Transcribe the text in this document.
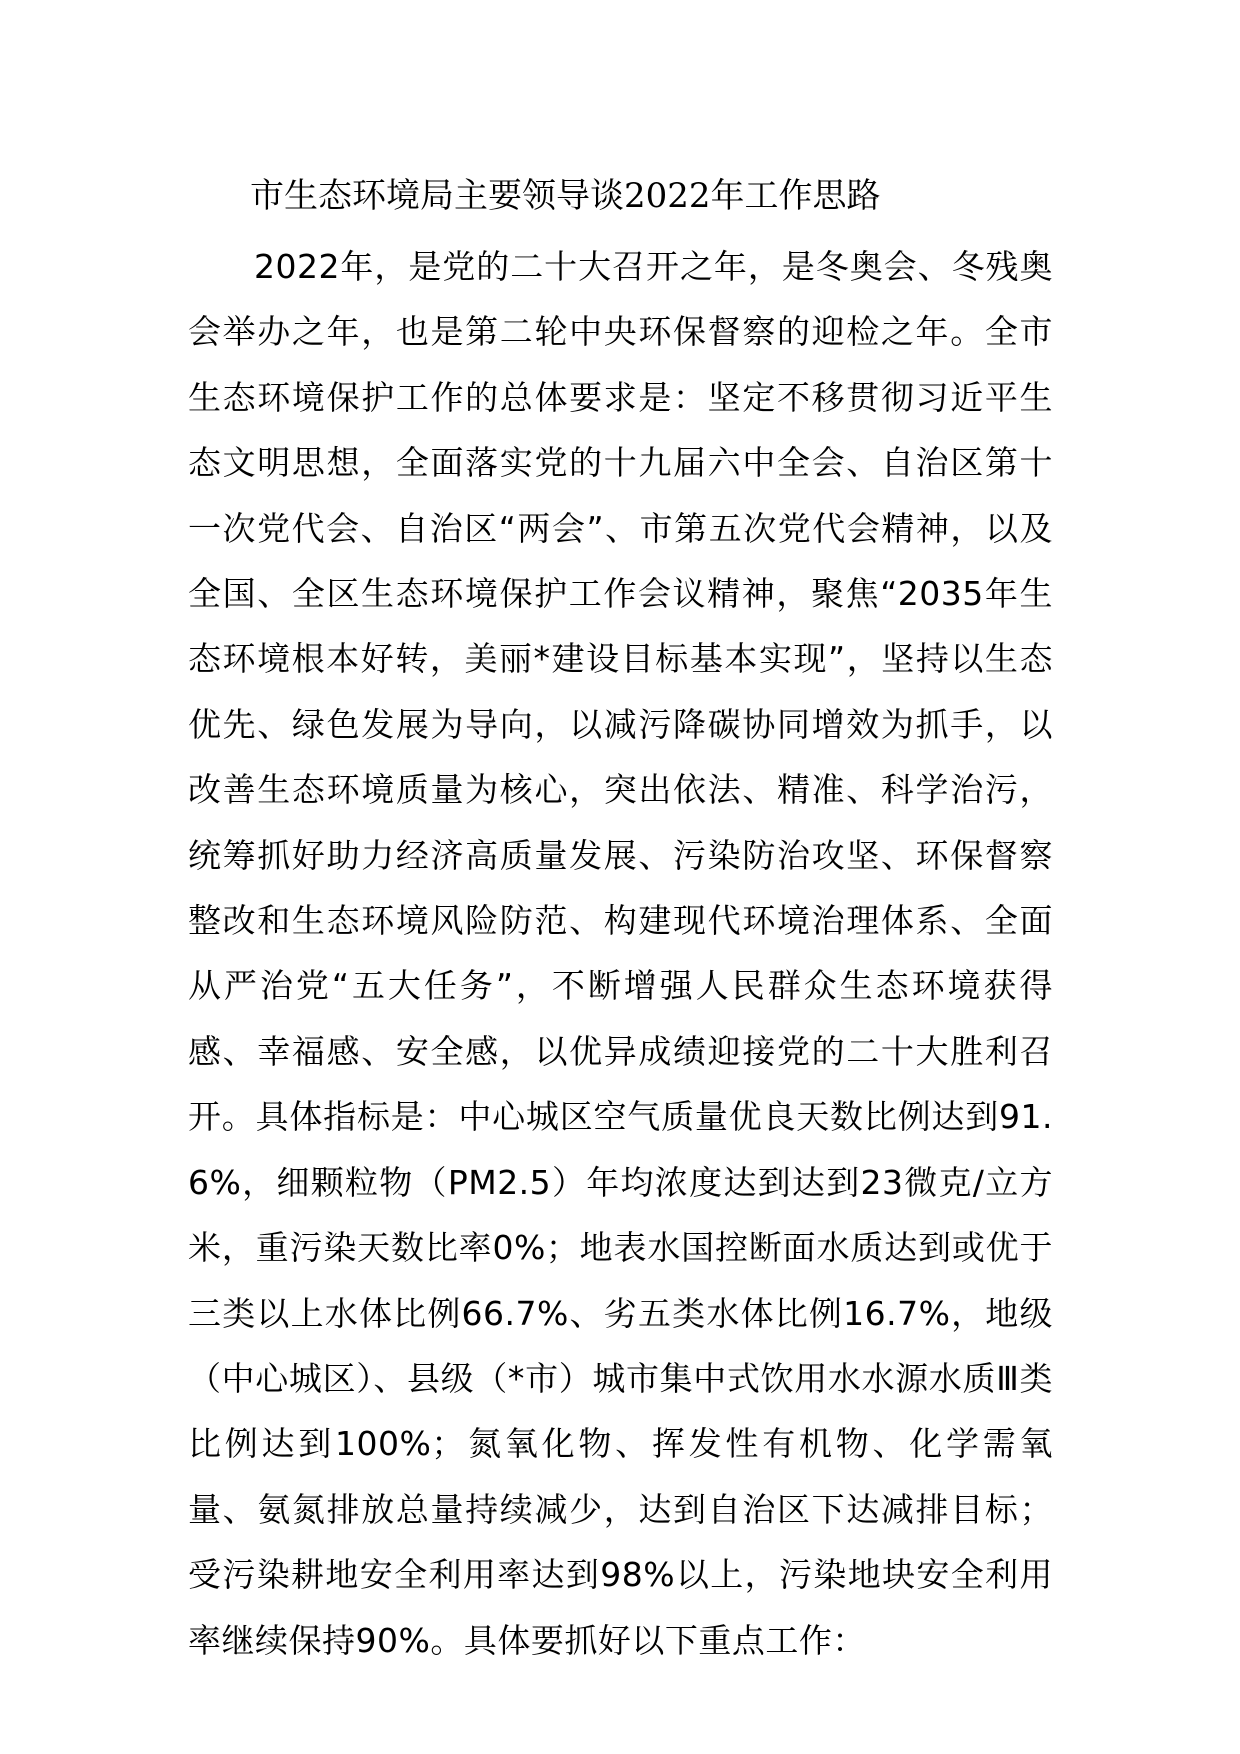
市生态环境局主要领导谈2022年工作思路

2022年，是党的二十大召开之年，是冬奥会、冬残奥会举办之年，也是第二轮中央环保督察的迎检之年。全市生态环境保护工作的总体要求是：坚定不移贯彻习近平生态文明思想，全面落实党的十九届六中全会、自治区第十一次党代会、自治区“两会”、市第五次党代会精神，以及全国、全区生态环境保护工作会议精神，聚焦“2035年生态环境根本好转，美丽*建设目标基本实现”，坚持以生态优先、绿色发展为导向，以减污降碳协同增效为抓手，以改善生态环境质量为核心，突出依法、精准、科学治污，统筹抓好助力经济高质量发展、污染防治攻坚、环保督察整改和生态环境风险防范、构建现代环境治理体系、全面从严治党“五大任务”，不断增强人民群众生态环境获得感、幸福感、安全感，以优异成绩迎接党的二十大胜利召开。具体指标是：中心城区空气质量优良天数比例达到91.6%，细颗粒物（PM2.5）年均浓度达到达到23微克/立方米，重污染天数比率0%；地表水国控断面水质达到或优于三类以上水体比例66.7%、劣五类水体比例16.7%，地级（中心城区）、县级（*市）城市集中式饮用水水源水质Ⅲ类比例达到100%；氮氧化物、挥发性有机物、化学需氧量、氨氮排放总量持续减少，达到自治区下达减排目标；受污染耕地安全利用率达到98%以上，污染地块安全利用率继续保持90%。具体要抓好以下重点工作：
